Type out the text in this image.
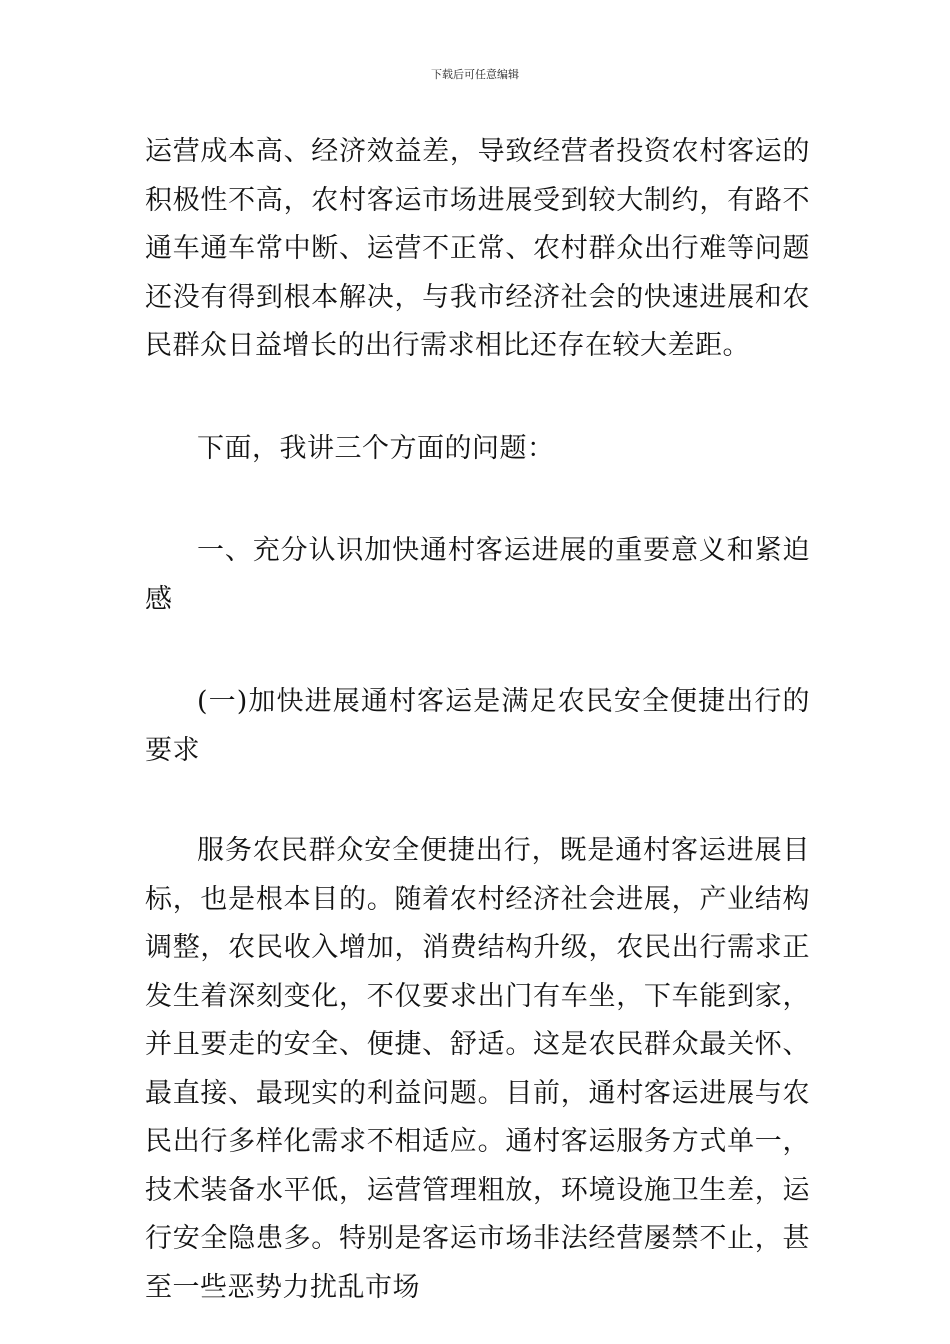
下载后可任意编辑

运营成本高、经济效益差，导致经营者投资农村客运的积极性不高，农村客运市场进展受到较大制约，有路不通车通车常中断、运营不正常、农村群众出行难等问题还没有得到根本解决，与我市经济社会的快速进展和农民群众日益增长的出行需求相比还存在较大差距。

下面，我讲三个方面的问题：

一、充分认识加快通村客运进展的重要意义和紧迫感

(一)加快进展通村客运是满足农民安全便捷出行的要求

服务农民群众安全便捷出行，既是通村客运进展目标，也是根本目的。随着农村经济社会进展，产业结构调整，农民收入增加，消费结构升级，农民出行需求正发生着深刻变化，不仅要求出门有车坐，下车能到家，并且要走的安全、便捷、舒适。这是农民群众最关怀、最直接、最现实的利益问题。目前，通村客运进展与农民出行多样化需求不相适应。通村客运服务方式单一，技术装备水平低，运营管理粗放，环境设施卫生差，运行安全隐患多。特别是客运市场非法经营屡禁不止，甚至一些恶势力扰乱市场
